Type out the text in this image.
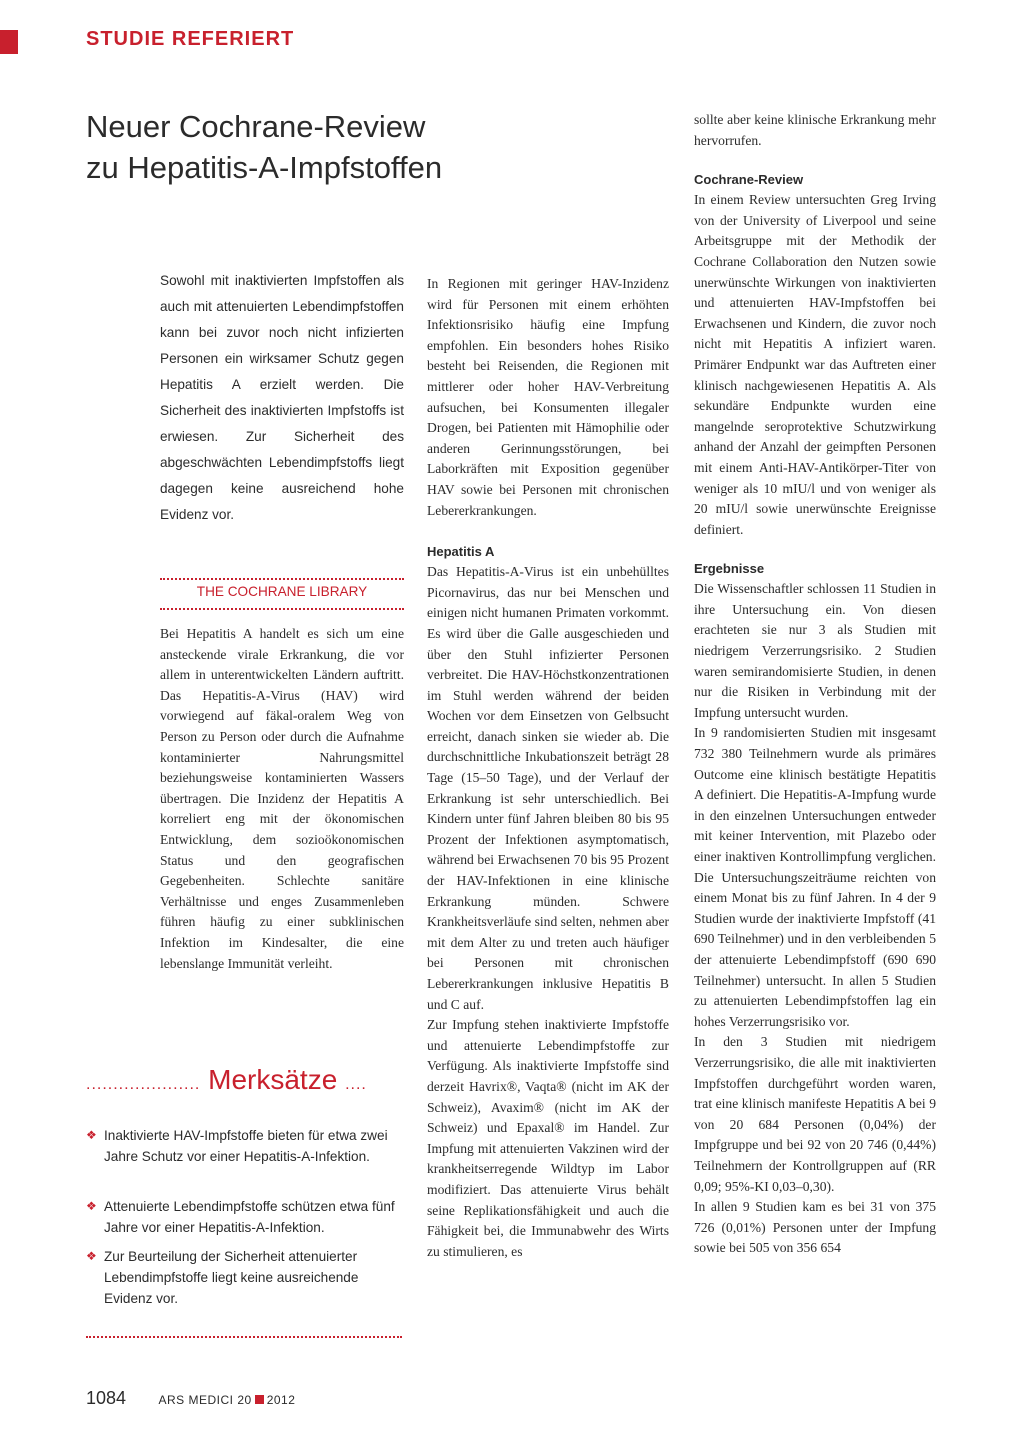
STUDIE REFERIERT
Neuer Cochrane-Review
zu Hepatitis-A-Impfstoffen
Sowohl mit inaktivierten Impfstoffen als auch mit attenuierten Lebendimpfstoffen kann bei zuvor noch nicht infizierten Personen ein wirksamer Schutz gegen Hepatitis A erzielt werden. Die Sicherheit des inaktivierten Impfstoffs ist erwiesen. Zur Sicherheit des abgeschwächten Lebendimpfstoffs liegt dagegen keine ausreichend hohe Evidenz vor.
THE COCHRANE LIBRARY

Bei Hepatitis A handelt es sich um eine ansteckende virale Erkrankung, die vor allem in unterentwickelten Ländern auftritt. Das Hepatitis-A-Virus (HAV) wird vorwiegend auf fäkal-oralem Weg von Person zu Person oder durch die Aufnahme kontaminierter Nahrungsmittel beziehungsweise kontaminierten Wassers übertragen. Die Inzidenz der Hepatitis A korreliert eng mit der ökonomischen Entwicklung, dem sozioökonomischen Status und den geografischen Gegebenheiten. Schlechte sanitäre Verhältnisse und enges Zusammenleben führen häufig zu einer subklinischen Infektion im Kindesalter, die eine lebenslange Immunität verleiht.

..................... Merksätze ....
❖ Inaktivierte HAV-Impfstoffe bieten für etwa zwei Jahre Schutz vor einer Hepatitis-A-Infektion.
❖ Attenuierte Lebendimpfstoffe schützen etwa fünf Jahre vor einer Hepatitis-A-Infektion.
❖ Zur Beurteilung der Sicherheit attenuierter Lebendimpfstoffe liegt keine ausreichende Evidenz vor.

In Regionen mit geringer HAV-Inzidenz wird für Personen mit einem erhöhten Infektionsrisiko häufig eine Impfung empfohlen. Ein besonders hohes Risiko besteht bei Reisenden, die Regionen mit mittlerer oder hoher HAV-Verbreitung aufsuchen, bei Konsumenten illegaler Drogen, bei Patienten mit Hämophilie oder anderen Gerinnungsstörungen, bei Laborkräften mit Exposition gegenüber HAV sowie bei Personen mit chronischen Lebererkrankungen.

Hepatitis A

Das Hepatitis-A-Virus ist ein unbehülltes Picornavirus, das nur bei Menschen und einigen nicht humanen Primaten vorkommt. Es wird über die Galle ausgeschieden und über den Stuhl infizierter Personen verbreitet. Die HAV-Höchstkonzentrationen im Stuhl werden während der beiden Wochen vor dem Einsetzen von Gelbsucht erreicht, danach sinken sie wieder ab. Die durchschnittliche Inkubationszeit beträgt 28 Tage (15–50 Tage), und der Verlauf der Erkrankung ist sehr unterschiedlich. Bei Kindern unter fünf Jahren bleiben 80 bis 95 Prozent der Infektionen asymptomatisch, während bei Erwachsenen 70 bis 95 Prozent der HAV-Infektionen in eine klinische Erkrankung münden. Schwere Krankheitsverläufe sind selten, nehmen aber mit dem Alter zu und treten auch häufiger bei Personen mit chronischen Lebererkrankungen inklusive Hepatitis B und C auf.

Zur Impfung stehen inaktivierte Impfstoffe und attenuierte Lebendimpfstoffe zur Verfügung. Als inaktivierte Impfstoffe sind derzeit Havrix®, Vaqta® (nicht im AK der Schweiz), Avaxim® (nicht im AK der Schweiz) und Epaxal® im Handel. Zur Impfung mit attenuierten Vakzinen wird der krankheitserregende Wildtyp im Labor modifiziert. Das attenuierte Virus behält seine Replikationsfähigkeit und auch die Fähigkeit bei, die Immunabwehr des Wirts zu stimulieren, es

sollte aber keine klinische Erkrankung mehr hervorrufen.

Cochrane-Review

In einem Review untersuchten Greg Irving von der University of Liverpool und seine Arbeitsgruppe mit der Methodik der Cochrane Collaboration den Nutzen sowie unerwünschte Wirkungen von inaktivierten und attenuierten HAV-Impfstoffen bei Erwachsenen und Kindern, die zuvor noch nicht mit Hepatitis A infiziert waren. Primärer Endpunkt war das Auftreten einer klinisch nachgewiesenen Hepatitis A. Als sekundäre Endpunkte wurden eine mangelnde seroprotektive Schutzwirkung anhand der Anzahl der geimpften Personen mit einem Anti-HAV-Antikörper-Titer von weniger als 10 mIU/l und von weniger als 20 mIU/l sowie unerwünschte Ereignisse definiert.

Ergebnisse

Die Wissenschaftler schlossen 11 Studien in ihre Untersuchung ein. Von diesen erachteten sie nur 3 als Studien mit niedrigem Verzerrungsrisiko. 2 Studien waren semirandomisierte Studien, in denen nur die Risiken in Verbindung mit der Impfung untersucht wurden.

In 9 randomisierten Studien mit insgesamt 732 380 Teilnehmern wurde als primäres Outcome eine klinisch bestätigte Hepatitis A definiert. Die Hepatitis-A-Impfung wurde in den einzelnen Untersuchungen entweder mit keiner Intervention, mit Plazebo oder einer inaktiven Kontrollimpfung verglichen. Die Untersuchungszeiträume reichten von einem Monat bis zu fünf Jahren. In 4 der 9 Studien wurde der inaktivierte Impfstoff (41 690 Teilnehmer) und in den verbleibenden 5 der attenuierte Lebendimpfstoff (690 690 Teilnehmer) untersucht. In allen 5 Studien zu attenuierten Lebendimpfstoffen lag ein hohes Verzerrungsrisiko vor.

In den 3 Studien mit niedrigem Verzerrungsrisiko, die alle mit inaktivierten Impfstoffen durchgeführt worden waren, trat eine klinisch manifeste Hepatitis A bei 9 von 20 684 Personen (0,04%) der Impfgruppe und bei 92 von 20 746 (0,44%) Teilnehmern der Kontrollgruppen auf (RR 0,09; 95%-KI 0,03–0,30).

In allen 9 Studien kam es bei 31 von 375 726 (0,01%) Personen unter der Impfung sowie bei 505 von 356 654

1084	ARS MEDICI 20 2012
